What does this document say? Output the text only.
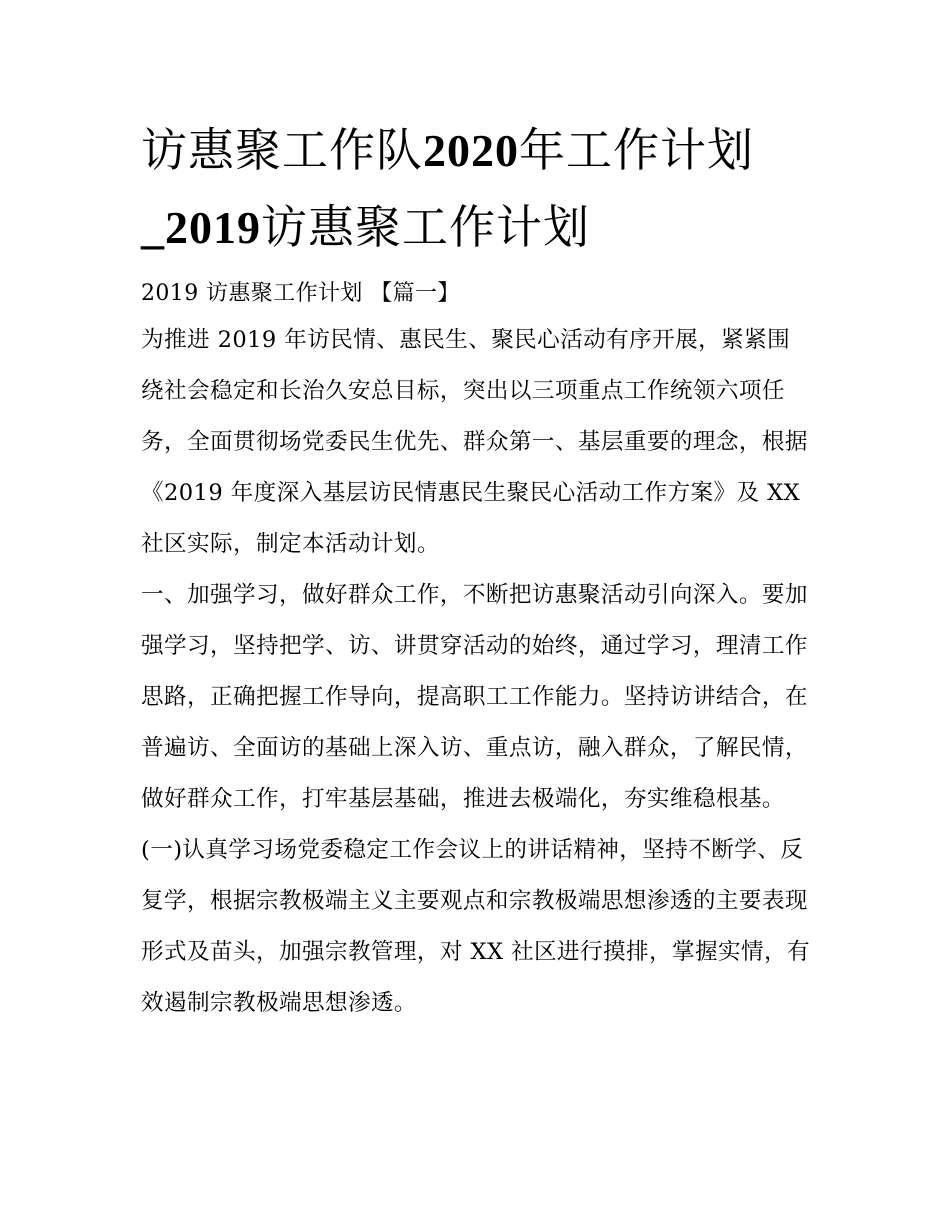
访惠聚工作队2020年工作计划
_2019访惠聚工作计划

2019 访惠聚工作计划 【篇一】

为推进 2019 年访民情、惠民生、聚民心活动有序开展，紧紧围绕社会稳定和长治久安总目标，突出以三项重点工作统领六项任务，全面贯彻场党委民生优先、群众第一、基层重要的理念，根据《2019 年度深入基层访民情惠民生聚民心活动工作方案》及 XX 社区实际，制定本活动计划。

一、加强学习，做好群众工作，不断把访惠聚活动引向深入。要加强学习，坚持把学、访、讲贯穿活动的始终，通过学习，理清工作思路，正确把握工作导向，提高职工工作能力。坚持访讲结合，在普遍访、全面访的基础上深入访、重点访，融入群众，了解民情，做好群众工作，打牢基层基础，推进去极端化，夯实维稳根基。

(一)认真学习场党委稳定工作会议上的讲话精神，坚持不断学、反复学，根据宗教极端主义主要观点和宗教极端思想渗透的主要表现形式及苗头，加强宗教管理，对 XX 社区进行摸排，掌握实情，有效遏制宗教极端思想渗透。
